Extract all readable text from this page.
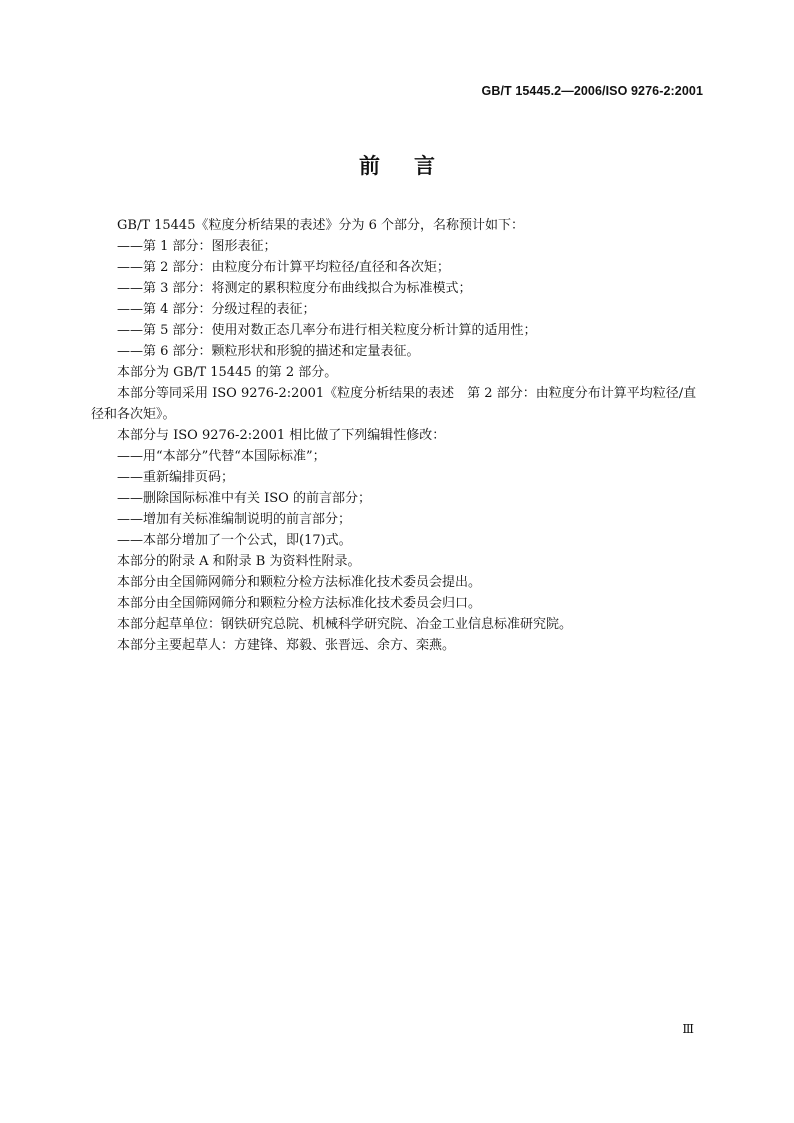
GB/T 15445.2—2006/ISO 9276-2:2001
前言
GB/T 15445《粒度分析结果的表述》分为 6 个部分，名称预计如下：
——第 1 部分：图形表征；
——第 2 部分：由粒度分布计算平均粒径/直径和各次矩；
——第 3 部分：将测定的累积粒度分布曲线拟合为标准模式；
——第 4 部分：分级过程的表征；
——第 5 部分：使用对数正态几率分布进行相关粒度分析计算的适用性；
——第 6 部分：颗粒形状和形貌的描述和定量表征。
本部分为 GB/T 15445 的第 2 部分。
本部分等同采用 ISO 9276-2:2001《粒度分析结果的表述　第 2 部分：由粒度分布计算平均粒径/直径和各次矩》。
本部分与 ISO 9276-2:2001 相比做了下列编辑性修改：
——用“本部分”代替“本国际标准”；
——重新编排页码；
——删除国际标准中有关 ISO 的前言部分；
——增加有关标准编制说明的前言部分；
——本部分增加了一个公式，即(17)式。
本部分的附录 A 和附录 B 为资料性附录。
本部分由全国筛网筛分和颗粒分检方法标准化技术委员会提出。
本部分由全国筛网筛分和颗粒分检方法标准化技术委员会归口。
本部分起草单位：钢铁研究总院、机械科学研究院、冶金工业信息标准研究院。
本部分主要起草人：方建锋、郑毅、张晋远、余方、栾燕。
Ⅲ
